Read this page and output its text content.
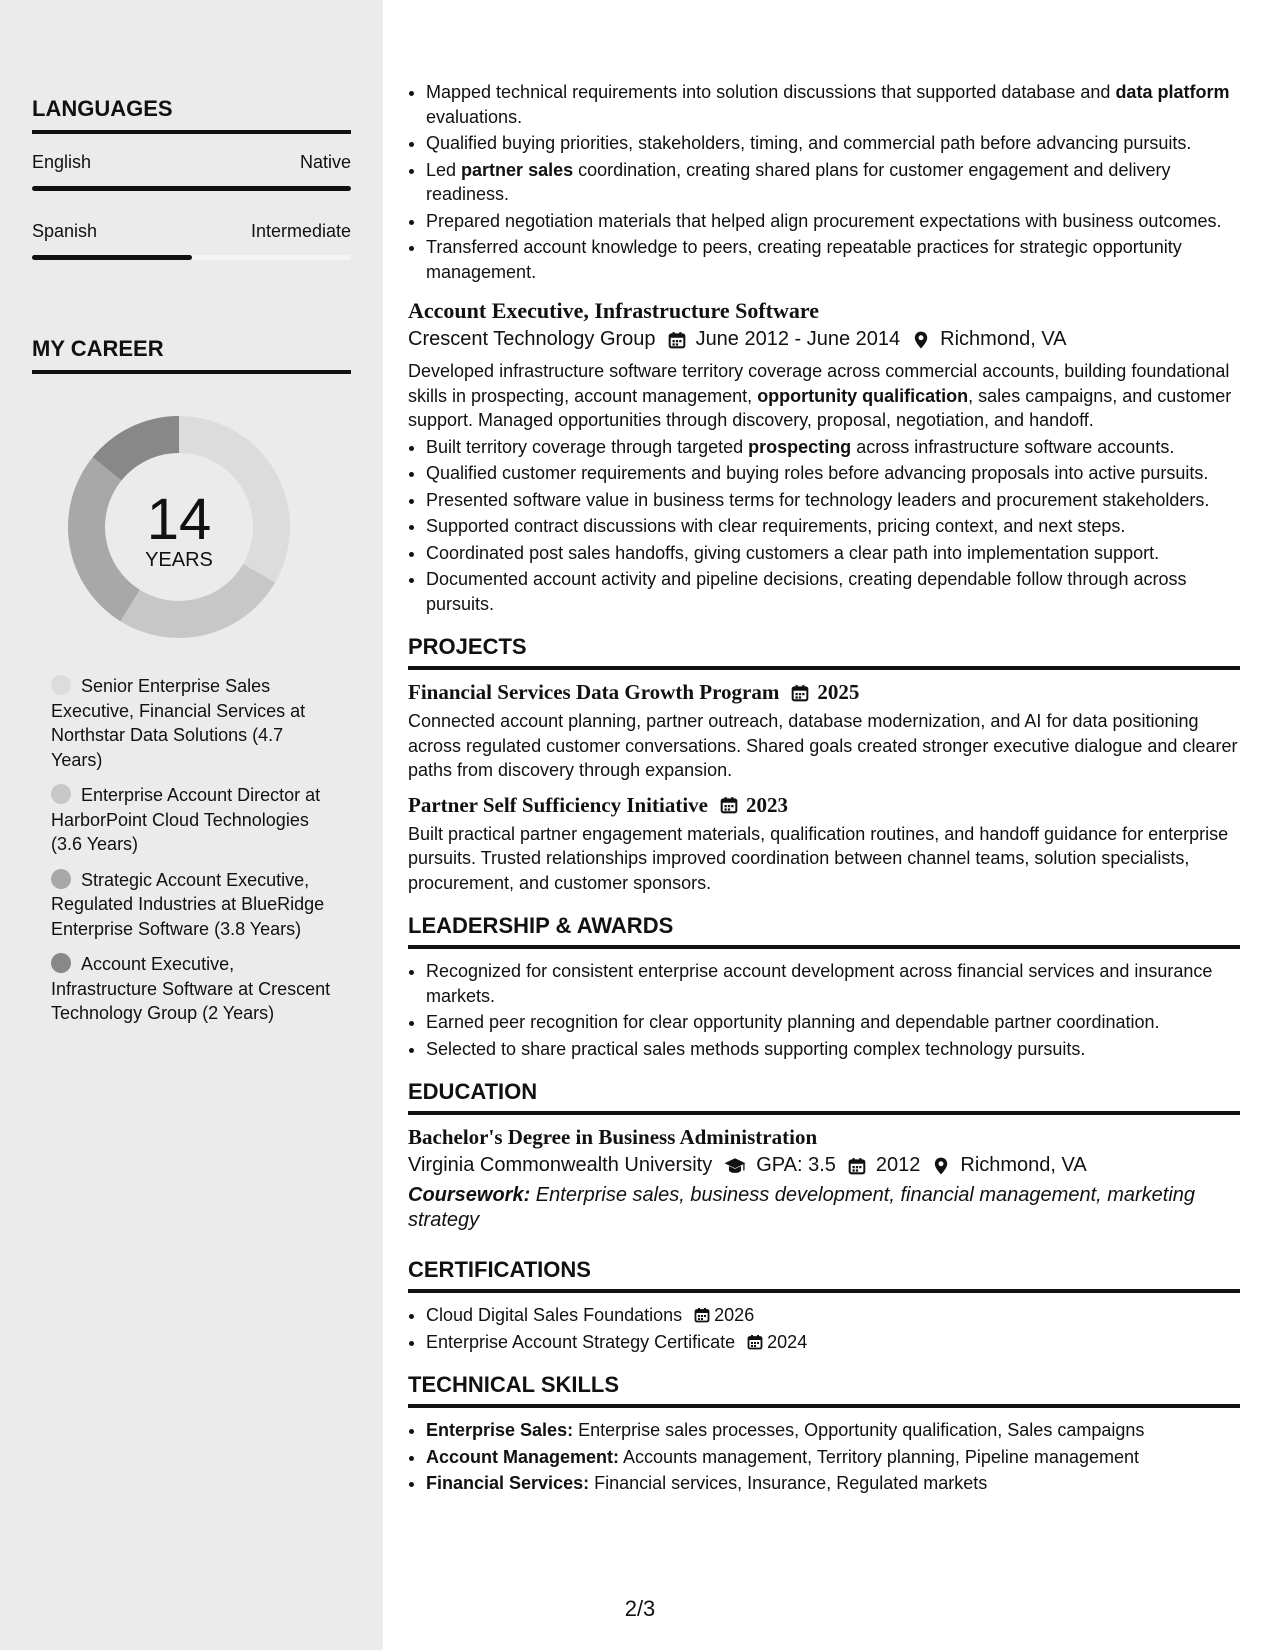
LANGUAGES
English	Native
Spanish	Intermediate
MY CAREER
14
YEARS
Senior Enterprise Sales Executive, Financial Services at Northstar Data Solutions (4.7 Years)
Enterprise Account Director at HarborPoint Cloud Technologies (3.6 Years)
Strategic Account Executive, Regulated Industries at BlueRidge Enterprise Software (3.8 Years)
Account Executive, Infrastructure Software at Crescent Technology Group (2 Years)
• Mapped technical requirements into solution discussions that supported database and data platform evaluations.
• Qualified buying priorities, stakeholders, timing, and commercial path before advancing pursuits.
• Led partner sales coordination, creating shared plans for customer engagement and delivery readiness.
• Prepared negotiation materials that helped align procurement expectations with business outcomes.
• Transferred account knowledge to peers, creating repeatable practices for strategic opportunity management.
Account Executive, Infrastructure Software
Crescent Technology Group June 2012 - June 2014 Richmond, VA
Developed infrastructure software territory coverage across commercial accounts, building foundational skills in prospecting, account management, opportunity qualification, sales campaigns, and customer support. Managed opportunities through discovery, proposal, negotiation, and handoff.
• Built territory coverage through targeted prospecting across infrastructure software accounts.
• Qualified customer requirements and buying roles before advancing proposals into active pursuits.
• Presented software value in business terms for technology leaders and procurement stakeholders.
• Supported contract discussions with clear requirements, pricing context, and next steps.
• Coordinated post sales handoffs, giving customers a clear path into implementation support.
• Documented account activity and pipeline decisions, creating dependable follow through across pursuits.
PROJECTS
Financial Services Data Growth Program 2025
Connected account planning, partner outreach, database modernization, and AI for data positioning across regulated customer conversations. Shared goals created stronger executive dialogue and clearer paths from discovery through expansion.
Partner Self Sufficiency Initiative 2023
Built practical partner engagement materials, qualification routines, and handoff guidance for enterprise pursuits. Trusted relationships improved coordination between channel teams, solution specialists, procurement, and customer sponsors.
LEADERSHIP & AWARDS
• Recognized for consistent enterprise account development across financial services and insurance markets.
• Earned peer recognition for clear opportunity planning and dependable partner coordination.
• Selected to share practical sales methods supporting complex technology pursuits.
EDUCATION
Bachelor's Degree in Business Administration
Virginia Commonwealth University GPA: 3.5 2012 Richmond, VA
Coursework: Enterprise sales, business development, financial management, marketing strategy
CERTIFICATIONS
• Cloud Digital Sales Foundations 2026
• Enterprise Account Strategy Certificate 2024
TECHNICAL SKILLS
• Enterprise Sales: Enterprise sales processes, Opportunity qualification, Sales campaigns
• Account Management: Accounts management, Territory planning, Pipeline management
• Financial Services: Financial services, Insurance, Regulated markets
2/3
